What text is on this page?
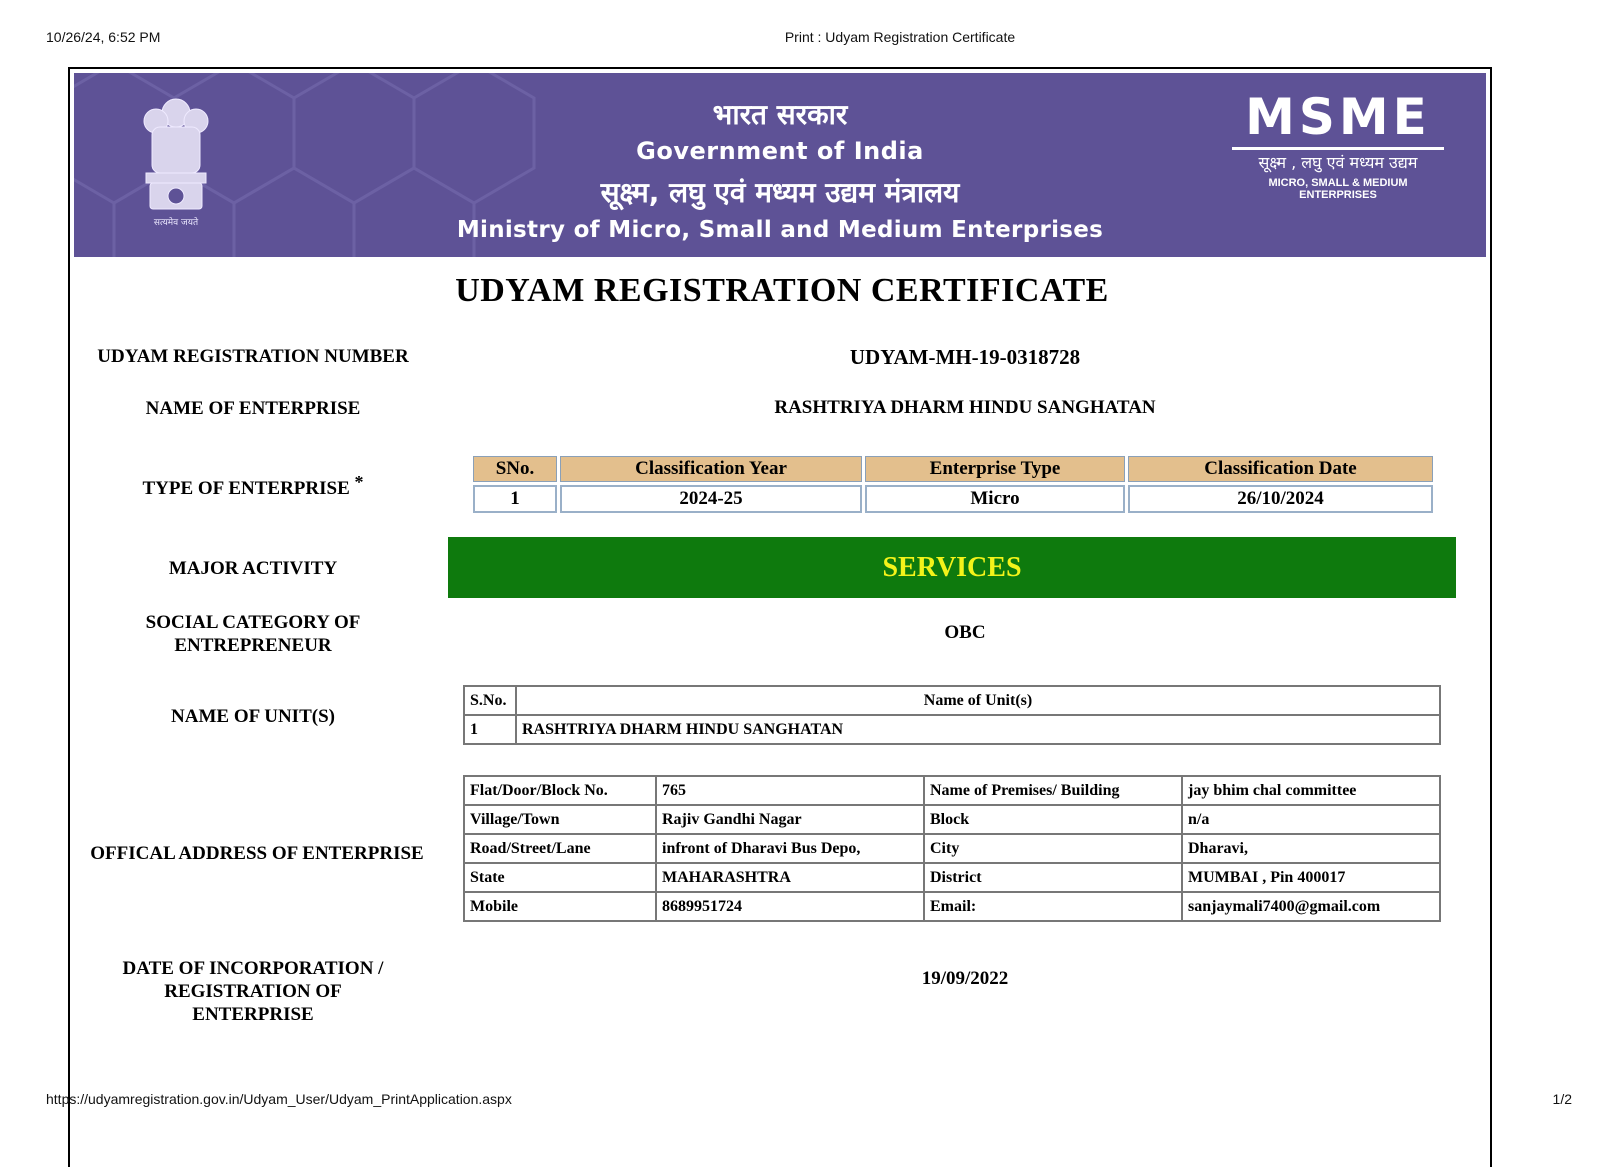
10/26/24, 6:52 PM	Print : Udyam Registration Certificate
सत्यमेव जयते
भारत सरकार
Government of India
सूक्ष्म, लघु एवं मध्यम उद्यम मंत्रालय
Ministry of Micro, Small and Medium Enterprises
MSME
सूक्ष्म , लघु एवं मध्यम उद्यम
MICRO, SMALL & MEDIUM ENTERPRISES
UDYAM REGISTRATION CERTIFICATE
UDYAM REGISTRATION NUMBER	UDYAM-MH-19-0318728
NAME OF ENTERPRISE	RASHTRIYA DHARM HINDU SANGHATAN
TYPE OF ENTERPRISE *
SNo.	Classification Year	Enterprise Type	Classification Date
1	2024-25	Micro	26/10/2024
MAJOR ACTIVITY	SERVICES
SOCIAL CATEGORY OF ENTREPRENEUR
OBC
NAME OF UNIT(S)
S.No.	Name of Unit(s)
1	RASHTRIYA DHARM HINDU SANGHATAN
OFFICAL ADDRESS OF ENTERPRISE
Flat/Door/Block No.	765	Name of Premises/ Building	jay bhim chal committee
Village/Town	Rajiv Gandhi Nagar	Block	n/a
Road/Street/Lane	infront of Dharavi Bus Depo,	City	Dharavi,
State	MAHARASHTRA	District	MUMBAI , Pin 400017
Mobile	8689951724	Email:	sanjaymali7400@gmail.com
DATE OF INCORPORATION / REGISTRATION OF ENTERPRISE
19/09/2022
https://udyamregistration.gov.in/Udyam_User/Udyam_PrintApplication.aspx	1/2
